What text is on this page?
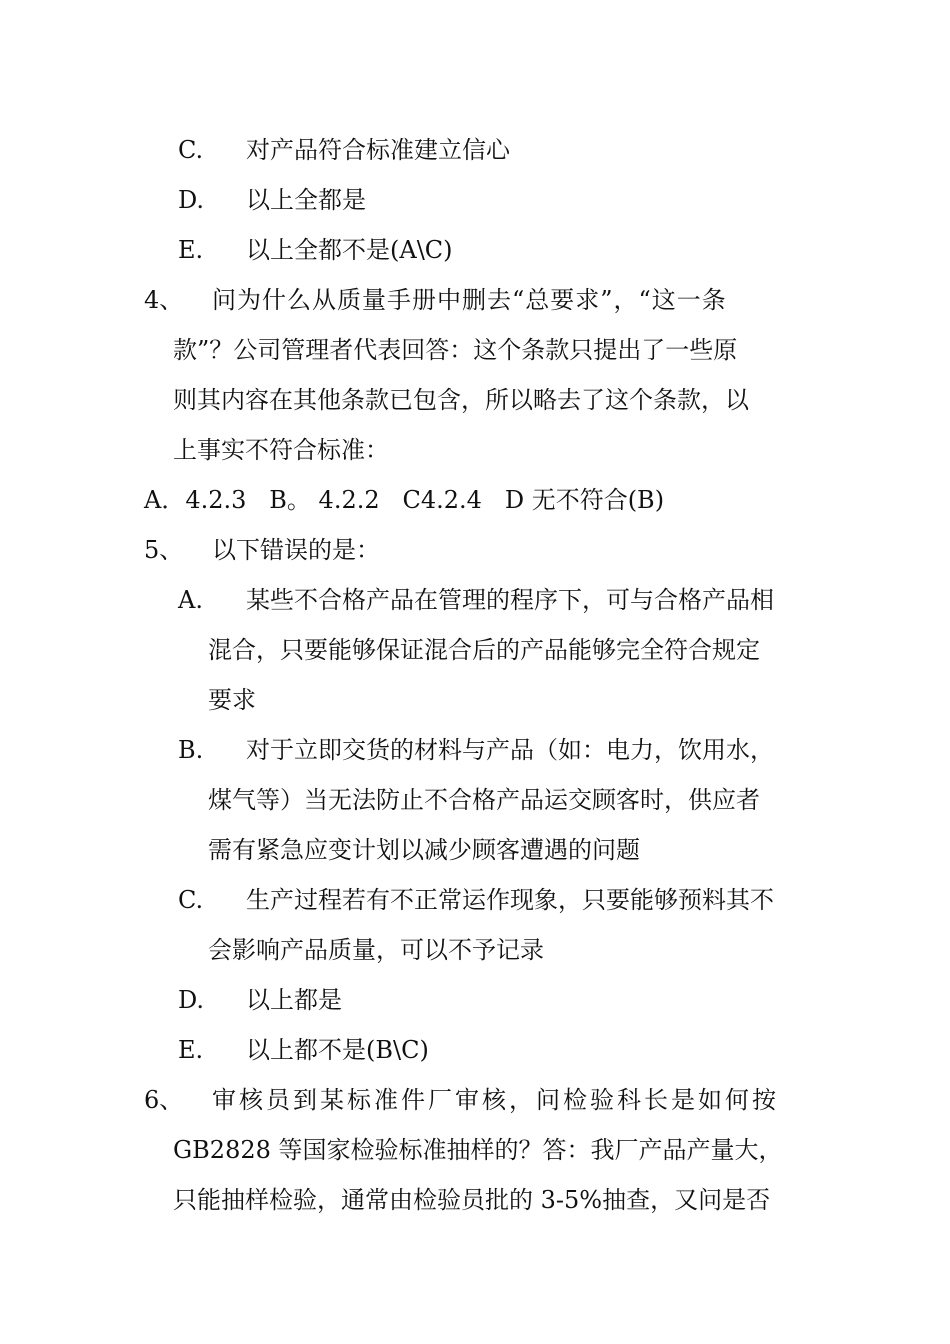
C. 对产品符合标准建立信心
D. 以上全都是
E. 以上全都不是(A\C)
4、 问为什么从质量手册中删去“总要求”，“这一条
款”？公司管理者代表回答：这个条款只提出了一些原
则其内容在其他条款已包含，所以略去了这个条款，以
上事实不符合标准：
A．4.2.3   B。 4.2.2   C4.2.4   D 无不符合(B)
5、 以下错误的是：
A. 某些不合格产品在管理的程序下，可与合格产品相
混合，只要能够保证混合后的产品能够完全符合规定
要求
B. 对于立即交货的材料与产品（如：电力，饮用水，
煤气等）当无法防止不合格产品运交顾客时，供应者
需有紧急应变计划以减少顾客遭遇的问题
C. 生产过程若有不正常运作现象，只要能够预料其不
会影响产品质量，可以不予记录
D. 以上都是
E. 以上都不是(B\C)
6、 审核员到某标准件厂审核，问检验科长是如何按
GB2828 等国家检验标准抽样的？答：我厂产品产量大，
只能抽样检验，通常由检验员批的 3-5%抽查，又问是否
